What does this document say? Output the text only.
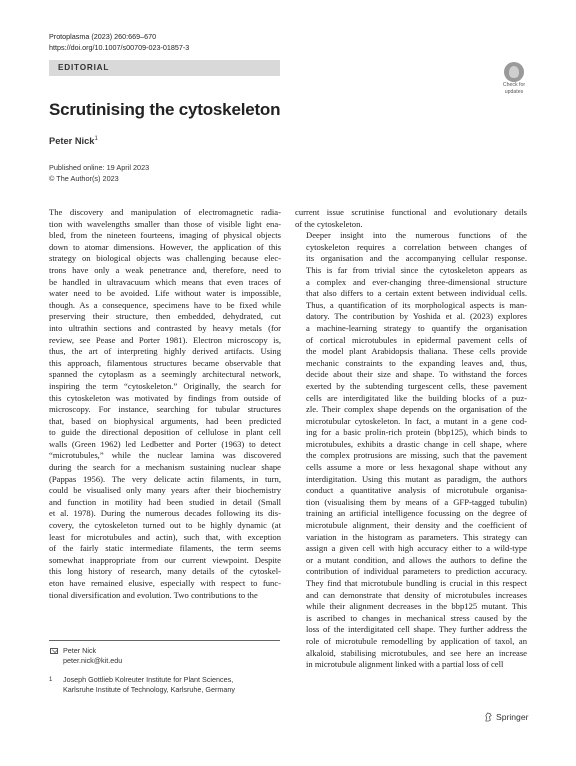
Protoplasma (2023) 260:669–670
https://doi.org/10.1007/s00709-023-01857-3
EDITORIAL
Check for
updates
Scrutinising the cytoskeleton
Peter Nick$^1$
Published online: 19 April 2023
© The Author(s) 2023

The discovery and manipulation of electromagnetic radia-
tion with wavelengths smaller than those of visible light ena-
bled, from the nineteen fourteens, imaging of physical objects
down to atomar dimensions. However, the application of this
strategy on biological objects was challenging because elec-
trons have only a weak penetrance and, therefore, need to
be handled in ultravacuum which means that even traces of
water need to be avoided. Life without water is impossible,
though. As a consequence, specimens have to be fixed while
preserving their structure, then embedded, dehydrated, cut
into ultrathin sections and contrasted by heavy metals (for
review, see Pease and Porter 1981). Electron microscopy is,
thus, the art of interpreting highly derived artifacts. Using
this approach, filamentous structures became observable that
spanned the cytoplasm as a seemingly architectural network,
inspiring the term “cytoskeleton.” Originally, the search for
this cytoskeleton was motivated by findings from outside of
microscopy. For instance, searching for tubular structures
that, based on biophysical arguments, had been predicted
to guide the directional deposition of cellulose in plant cell
walls (Green 1962) led Ledbetter and Porter (1963) to detect
“microtubules,” while the nuclear lamina was discovered
during the search for a mechanism sustaining nuclear shape
(Pappas 1956). The very delicate actin filaments, in turn,
could be visualised only many years after their biochemistry
and function in motility had been studied in detail (Small
et al. 1978). During the numerous decades following its dis-
covery, the cytoskeleton turned out to be highly dynamic (at
least for microtubules and actin), such that, with exception
of the fairly static intermediate filaments, the term seems
somewhat inappropriate from our current viewpoint. Despite
this long history of research, many details of the cytoskel-
eton have remained elusive, especially with respect to func-
tional diversification and evolution. Two contributions to the

current issue scrutinise functional and evolutionary details
of the cytoskeleton.

Deeper insight into the numerous functions of the
cytoskeleton requires a correlation between changes of
its organisation and the accompanying cellular response.
This is far from trivial since the cytoskeleton appears as
a complex and ever-changing three-dimensional structure
that also differs to a certain extent between individual cells.
Thus, a quantification of its morphological aspects is man-
datory. The contribution by Yoshida et al. (2023) explores
a machine-learning strategy to quantify the organisation
of cortical microtubules in epidermal pavement cells of
the model plant Arabidopsis thaliana. These cells provide
mechanic constraints to the expanding leaves and, thus,
decide about their size and shape. To withstand the forces
exerted by the subtending turgescent cells, these pavement
cells are interdigitated like the building blocks of a puz-
zle. Their complex shape depends on the organisation of the
microtubular cytoskeleton. In fact, a mutant in a gene cod-
ing for a basic prolin-rich protein (bbp125), which binds to
microtubules, exhibits a drastic change in cell shape, where
the complex protrusions are missing, such that the pavement
cells assume a more or less hexagonal shape without any
interdigitation. Using this mutant as paradigm, the authors
conduct a quantitative analysis of microtubule organisa-
tion (visualising them by means of a GFP-tagged tubulin)
training an artificial intelligence focussing on the degree of
microtubule alignment, their density and the coefficient of
variation in the histogram as parameters. This strategy can
assign a given cell with high accuracy either to a wild-type
or a mutant condition, and allows the authors to define the
contribution of individual parameters to prediction accuracy.
They find that microtubule bundling is crucial in this respect
and can demonstrate that density of microtubules increases
while their alignment decreases in the bbp125 mutant. This
is ascribed to changes in mechanical stress caused by the
loss of the interdigitated cell shape. They further address the
role of microtubule remodelling by application of taxol, an
alkaloid, stabilising microtubules, and see here an increase
in microtubule alignment linked with a partial loss of cell

Peter Nick
peter.nick@kit.edu
1 Joseph Gottlieb Kolreuter Institute for Plant Sciences,
Karlsruhe Institute of Technology, Karlsruhe, Germany
Springer
